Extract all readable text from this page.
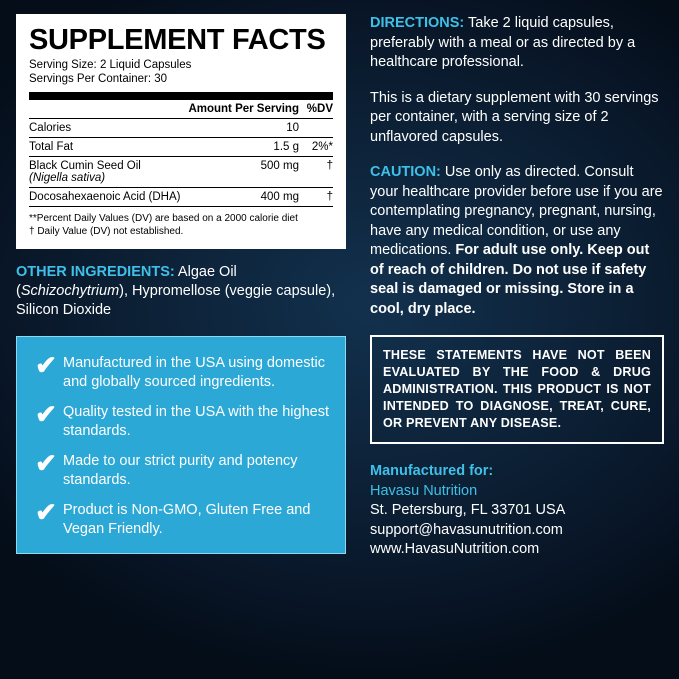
SUPPLEMENT FACTS
Serving Size: 2 Liquid Capsules
Servings Per Container: 30
	Amount Per Serving	%DV
Calories	10	
Total Fat	1.5 g	2%*
Black Cumin Seed Oil
(Nigella sativa)	500 mg	†
Docosahexaenoic Acid (DHA)	400 mg	†
**Percent Daily Values (DV) are based on a 2000 calorie diet
† Daily Value (DV) not established.
OTHER INGREDIENTS: Algae Oil (Schizochytrium), Hypromellose (veggie capsule), Silicon Dioxide
✔ Manufactured in the USA using domestic and globally sourced ingredients.
✔ Quality tested in the USA with the highest standards.
✔ Made to our strict purity and potency standards.
✔ Product is Non-GMO, Gluten Free and Vegan Friendly.
DIRECTIONS: Take 2 liquid capsules, preferably with a meal or as directed by a healthcare professional.
This is a dietary supplement with 30 servings per container, with a serving size of 2 unflavored capsules.
CAUTION: Use only as directed. Consult your healthcare provider before use if you are contemplating pregnancy, pregnant, nursing, have any medical condition, or use any medications. For adult use only. Keep out of reach of children. Do not use if safety seal is damaged or missing. Store in a cool, dry place.
THESE STATEMENTS HAVE NOT BEEN EVALUATED BY THE FOOD & DRUG ADMINISTRATION. THIS PRODUCT IS NOT INTENDED TO DIAGNOSE, TREAT, CURE, OR PREVENT ANY DISEASE.
Manufactured for:
Havasu Nutrition
St. Petersburg, FL 33701 USA
support@havasunutrition.com
www.HavasuNutrition.com
